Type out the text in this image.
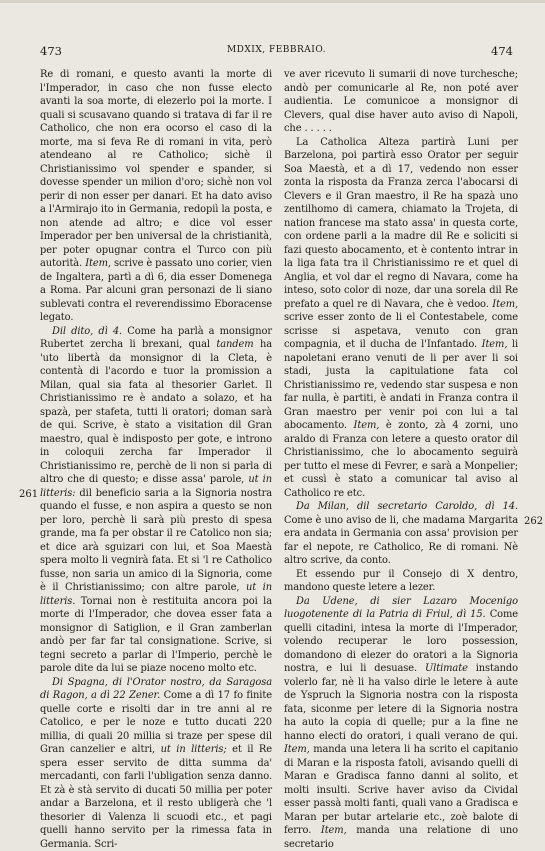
473	MDXIX, FEBBRAIO.	474
261
262

Re di romani, e questo avanti la morte di l'Imperador, in caso che non fusse electo avanti la soa morte, di elezerlo poi la morte. I quali si scusavano quando si tratava di far il re Catholico, che non era ocorso el caso di la morte, ma si feva Re di romani in vita, però atendeano al re Catholico; sichè il Christianissimo vol spender e spander, si dovesse spender un milion d'oro; sichè non vol perir di non esser per danari. Et ha dato aviso a l'Armirajo ito in Germania, redopiì la posta, e non atende ad altro; e dice vol esser Imperador per ben universal de la christianità, per poter opugnar contra el Turco con più autorità. Item, scrive è passato uno corier, vien de Ingaltera, partì a dì 6, dia esser Domenega a Roma. Par alcuni gran personazi de li siano sublevati contra el reverendissimo Eboracense legato.

Dil dito, dì 4. Come ha parlà a monsignor Rubertet zercha li brexani, qual tandem ha 'uto libertà da monsignor di la Cleta, è contentà di l'acordo e tuor la promission a Milan, qual sia fata al thesorier Garlet. Il Christianissimo re è andato a solazo, et ha spazà, per stafeta, tutti li oratori; doman sarà de qui. Scrive, è stato a visitation dil Gran maestro, qual è indisposto per gote, e introno in coloquii zercha far Imperador il Christianissimo re, perchè de li non si parla di altro che di questo; e disse assa' parole, ut in litteris: dil beneficio saria a la Signoria nostra quando el fusse, e non aspira a questo se non per loro, perchè li sarà più presto di spesa grande, ma fa per obstar il re Catolico non sia; et dice arà sguizari con lui, et Soa Maestà spera molto li vegnirà fata. Et si 'l re Catholico fusse, non saria un amico di la Signoria, come è il Christianissimo; con altre parole, ut in litteris. Tornai non è restituita ancora poi la morte di l'Imperador, che dovea esser fata a monsignor di Satiglion, e il Gran zamberlan andò per far far tal consignatione. Scrive, si tegni secreto a parlar di l'Imperio, perchè le parole dite da lui se piaze noceno molto etc.

Di Spagna, di l'Orator nostro, da Saragosa di Ragon, a dì 22 Zener. Come a dì 17 fo finite quelle corte e risolti dar in tre anni al re Catolico, e per le noze e tutto ducati 220 millia, di quali 20 millia si traze per spese dil Gran canzelier e altri, ut in litteris; et il Re spera esser servito de ditta summa da' mercadanti, con farli l'ubligation senza danno. Et zà è stà servito di ducati 50 millia per poter andar a Barzelona, et il resto ubligerà che 'l thesorier di Valenza li scuodi etc., et pagi quelli hanno servito per la rimessa fata in Germania. Scri-

ve aver ricevuto li sumarii di nove turchesche; andò per comunicarle al Re, non poté aver audientia. Le comunicoe a monsignor di Clevers, qual dise haver auto aviso di Napoli, che . . . . .

La Catholica Alteza partirà Luni per Barzelona, poi partirà esso Orator per seguir Soa Maestà, et a dì 17, vedendo non esser zonta la risposta da Franza zerca l'abocarsi di Clevers e il Gran maestro, il Re ha spazà uno zentilhomo di camera, chiamato la Trojeta, di nation francese ma stato assa' in questa corte, con ordene parli a la madre dil Re e soliciti si fazi questo abocamento, et è contento intrar in la liga fata tra il Christianissimo re et quel di Anglia, et vol dar el regno di Navara, come ha inteso, soto color di noze, dar una sorela dil Re prefato a quel re di Navara, che è vedoo. Item, scrive esser zonto de li el Contestabele, come scrisse si aspetava, venuto con gran compagnia, et il ducha de l'Infantado. Item, li napoletani erano venuti de li per aver li soi stadi, justa la capitulatione fata col Christianissimo re, vedendo star suspesa e non far nulla, è partiti, è andati in Franza contra il Gran maestro per venir poi con lui a tal abocamento. Item, è zonto, zà 4 zorni, uno araldo di Franza con letere a questo orator dil Christianissimo, che lo abocamento seguirà per tutto el mese di Fevrer, e sarà a Monpelier; et cussì è stato a comunicar tal aviso al Catholico re etc.

Da Milan, dil secretario Caroldo, dì 14. Come è uno aviso de li, che madama Margarita era andata in Germania con assa' provision per far el nepote, re Catholico, Re di romani. Nè altro scrive, da conto.

Et essendo pur il Consejo di X dentro, mandono queste letere a lezer.

Da Udene, di sier Lazaro Mocenigo luogotenente di la Patria di Friul, dì 15. Come quelli citadini, intesa la morte di l'Imperador, volendo recuperar le loro possession, domandono di elezer do oratori a la Signoria nostra, e lui li desuase. Ultimate instando volerlo far, nè li ha valso dirle le letere à aute de Yspruch la Signoria nostra con la risposta fata, siconme per letere di la Signoria nostra ha auto la copia di quelle; pur a la fine ne hanno electi do oratori, i quali verano de qui. Item, manda una letera li ha scrito el capitanio di Maran e la risposta fatoli, avisando quelli di Maran e Gradisca fanno danni al solito, et molti insulti. Scrive haver aviso da Cividal esser passà molti fanti, quali vano a Gradisca e Maran per butar artelarie etc., zoè balote di ferro. Item, manda una relatione di uno secretario
